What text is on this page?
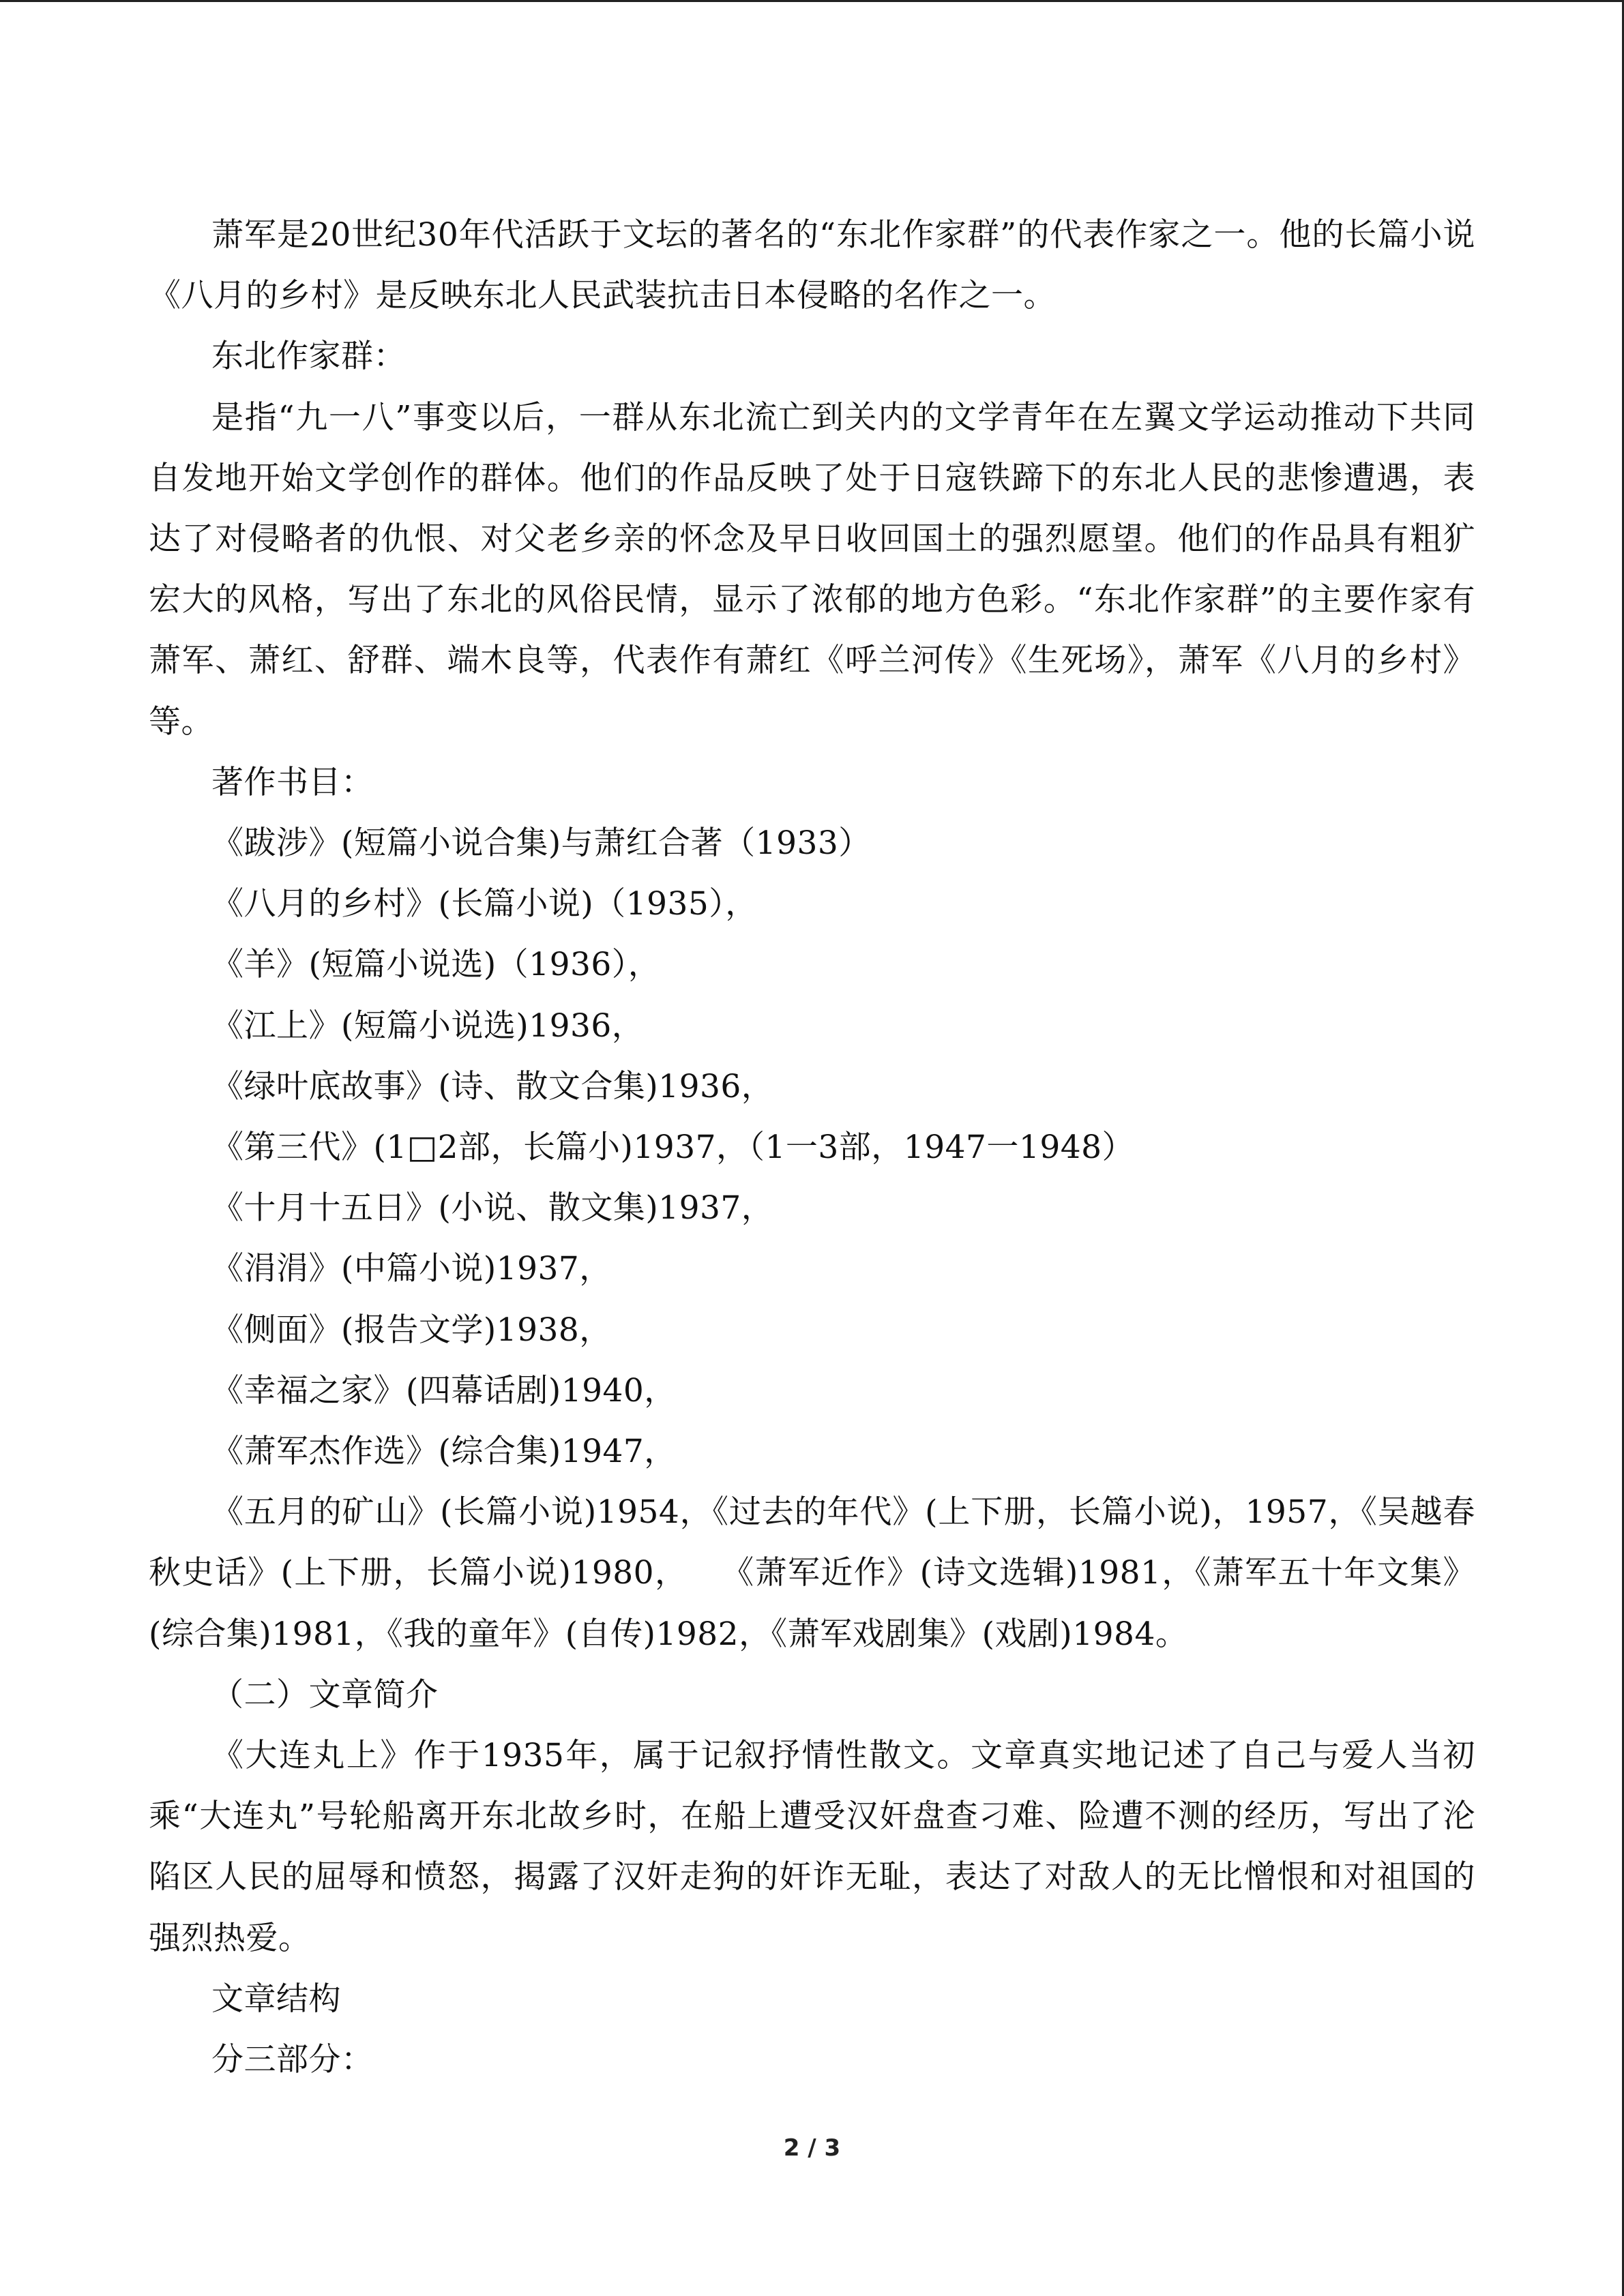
萧军是20世纪30年代活跃于文坛的著名的“东北作家群”的代表作家之一。他的长篇小说《八月的乡村》是反映东北人民武装抗击日本侵略的名作之一。

东北作家群：

是指“九一八”事变以后，一群从东北流亡到关内的文学青年在左翼文学运动推动下共同自发地开始文学创作的群体。他们的作品反映了处于日寇铁蹄下的东北人民的悲惨遭遇，表达了对侵略者的仇恨、对父老乡亲的怀念及早日收回国土的强烈愿望。他们的作品具有粗犷宏大的风格，写出了东北的风俗民情，显示了浓郁的地方色彩。“东北作家群”的主要作家有萧军、萧红、舒群、端木良等，代表作有萧红《呼兰河传》《生死场》，萧军《八月的乡村》等。

著作书目：

《跋涉》(短篇小说合集)与萧红合著（1933）

《八月的乡村》(长篇小说)（1935），

《羊》(短篇小说选)（1936），

《江上》(短篇小说选)1936，

《绿叶底故事》(诗、散文合集)1936，

《第三代》(1□2部，长篇小)1937，（1一3部，1947一1948）

《十月十五日》(小说、散文集)1937，

《涓涓》(中篇小说)1937，

《侧面》(报告文学)1938，

《幸福之家》(四幕话剧)1940，

《萧军杰作选》(综合集)1947，

《五月的矿山》(长篇小说)1954，《过去的年代》(上下册，长篇小说)，1957，《吴越春秋史话》(上下册，长篇小说)1980，　　《萧军近作》(诗文选辑)1981，《萧军五十年文集》(综合集)1981，《我的童年》(自传)1982，《萧军戏剧集》(戏剧)1984。

（二）文章简介

《大连丸上》作于1935年，属于记叙抒情性散文。文章真实地记述了自己与爱人当初乘“大连丸”号轮船离开东北故乡时，在船上遭受汉奸盘查刁难、险遭不测的经历，写出了沦陷区人民的屈辱和愤怒，揭露了汉奸走狗的奸诈无耻，表达了对敌人的无比憎恨和对祖国的强烈热爱。

文章结构

分三部分：

2 / 3
